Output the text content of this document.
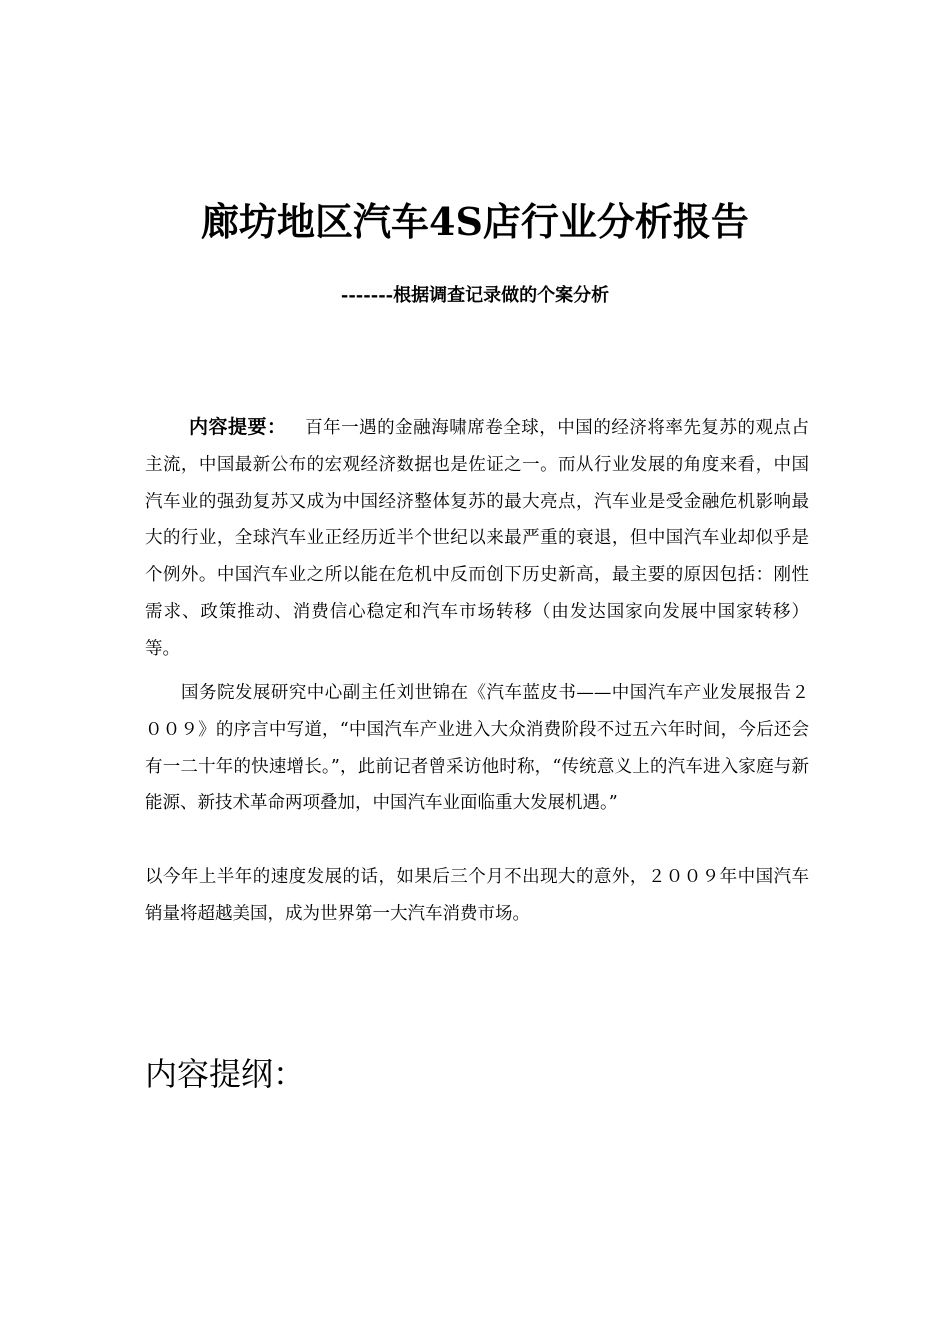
廊坊地区汽车4S店行业分析报告

-------根据调查记录做的个案分析

内容提要： 百年一遇的金融海啸席卷全球，中国的经济将率先复苏的观点占主流，中国最新公布的宏观经济数据也是佐证之一。而从行业发展的角度来看，中国汽车业的强劲复苏又成为中国经济整体复苏的最大亮点，汽车业是受金融危机影响最大的行业，全球汽车业正经历近半个世纪以来最严重的衰退，但中国汽车业却似乎是个例外。中国汽车业之所以能在危机中反而创下历史新高，最主要的原因包括：刚性需求、政策推动、消费信心稳定和汽车市场转移（由发达国家向发展中国家转移）等。

国务院发展研究中心副主任刘世锦在《汽车蓝皮书——中国汽车产业发展报告２００９》的序言中写道，“中国汽车产业进入大众消费阶段不过五六年时间，今后还会有一二十年的快速增长。”，此前记者曾采访他时称，“传统意义上的汽车进入家庭与新能源、新技术革命两项叠加，中国汽车业面临重大发展机遇。”

以今年上半年的速度发展的话，如果后三个月不出现大的意外，２００９年中国汽车销量将超越美国，成为世界第一大汽车消费市场。

内容提纲：
